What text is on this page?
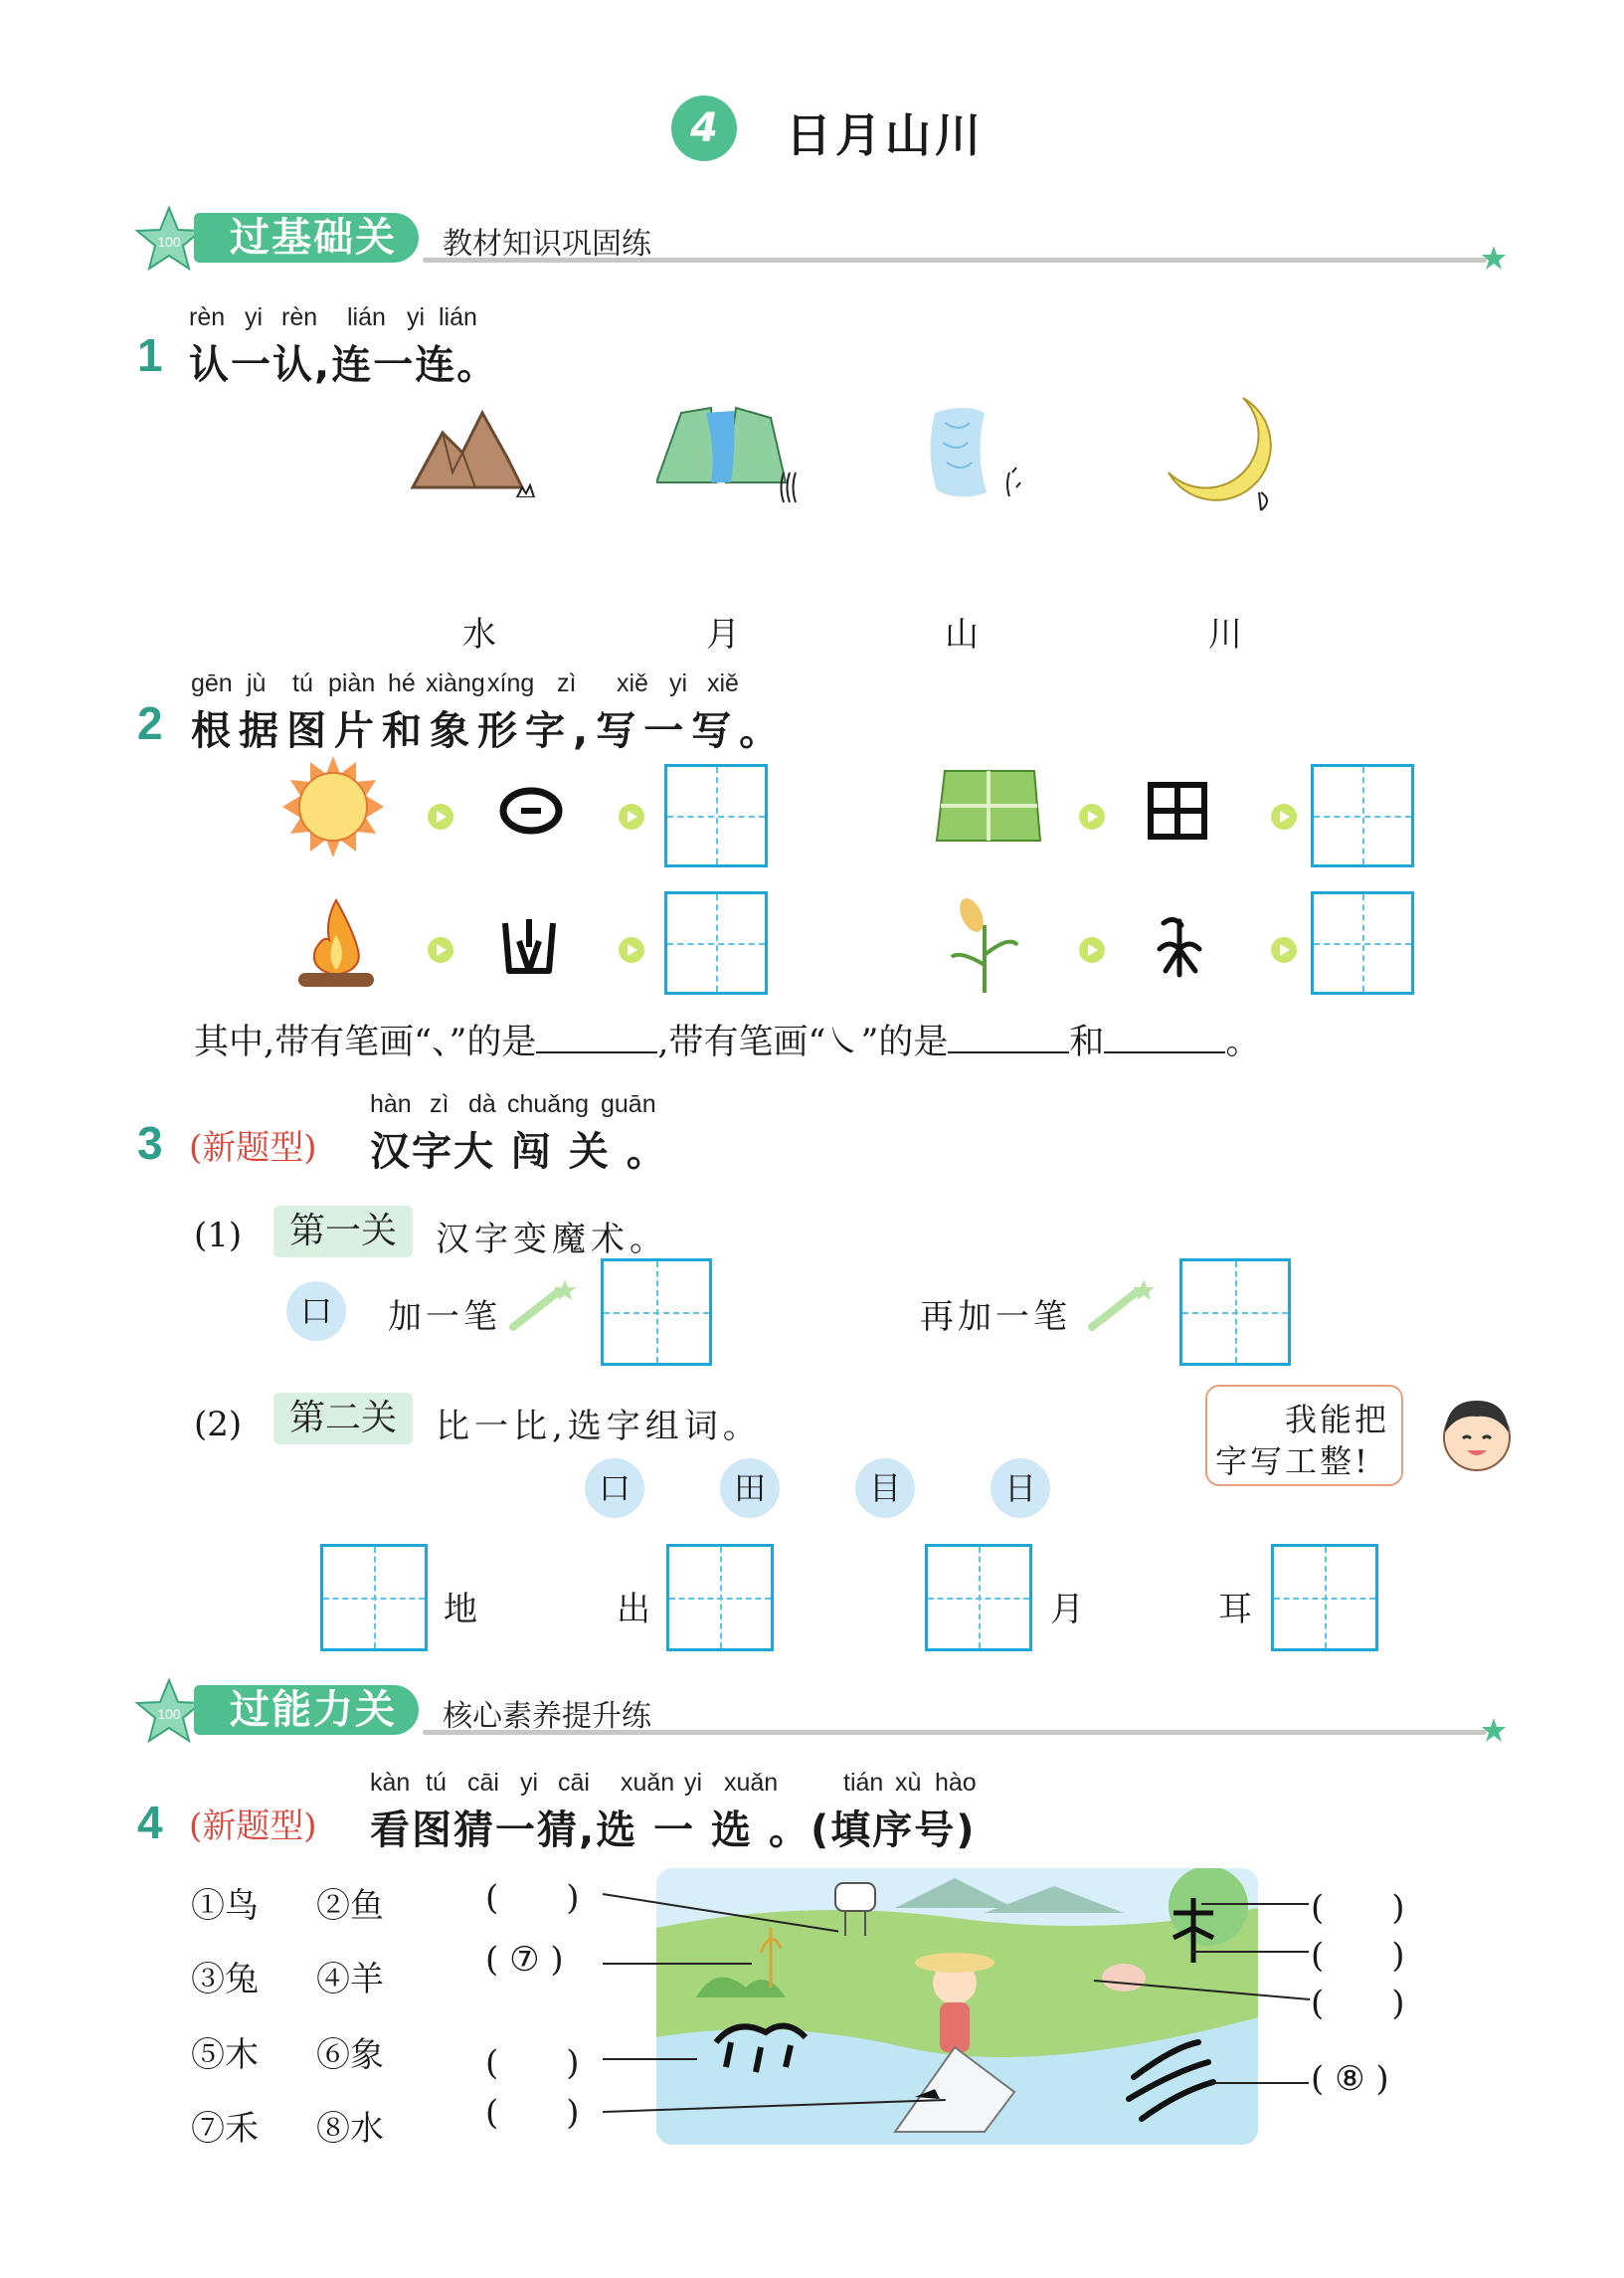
4	日月山川
100	过基础关	教材知识巩固练
1
rèn yi rèn lián yi lián
认一认,连一连。
水	月	山	川
2
gēn jù tú piàn hé xiàng xíng zì xiě yi xiě
根据图片和象形字,写一写。
其中,带有笔画“、”的是	,带有笔画“㇏”的是	和	。
3 (新题型)
hàn zì dà chuǎng guān
汉字大 闯 关 。
(1)	第一关	汉字变魔术。
口	加一笔	再加一笔
(2)	第二关	比一比,选字组词。	我能把
字写工整!
口	田	目	日
地	出	月	耳
100	过能力关	核心素养提升练
4 (新题型)
kàn tú cāi yi cāi xuǎn yi xuǎn	tián xù hào
看图猜一猜,选 一 选 。(填序号)
①鸟 ②鱼
③兔 ④羊
⑤木 ⑥象
⑦禾 ⑧水
(　　)
( ⑦ )
(　　)
(　　)
(　　)
(　　)
(　　)
( ⑧ )
